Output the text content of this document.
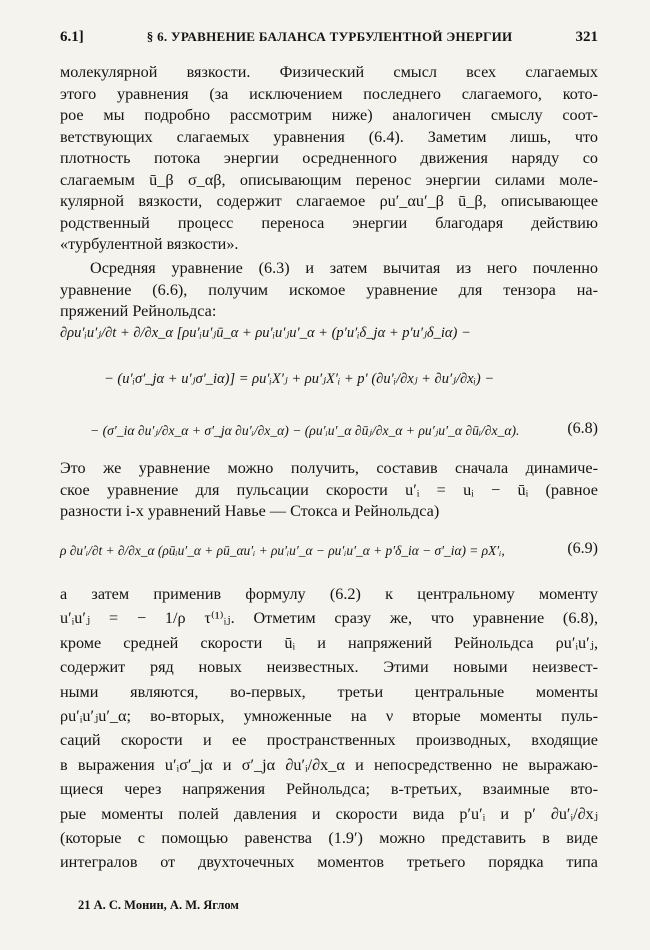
6.1]	§ 6. УРАВНЕНИЕ БАЛАНСА ТУРБУЛЕНТНОЙ ЭНЕРГИИ	321
молекулярной вязкости. Физический смысл всех слагаемых
этого уравнения (за исключением последнего слагаемого, кото-
рое мы подробно рассмотрим ниже) аналогичен смыслу соот-
ветствующих слагаемых уравнения (6.4). Заметим лишь, что
плотность потока энергии осредненного движения наряду со
слагаемым ū_β σ_αβ, описывающим перенос энергии силами моле-
кулярной вязкости, содержит слагаемое ρu′_αu′_β ū_β, описывающее
родственный процесс переноса энергии благодаря действию
«турбулентной вязкости».
Осредняя уравнение (6.3) и затем вычитая из него почленно
уравнение (6.6), получим искомое уравнение для тензора на-
пряжений Рейнольдса:
∂ρu′ᵢu′ⱼ/∂t + ∂/∂x_α [ρu′ᵢu′ⱼū_α + ρu′ᵢu′ⱼu′_α + (p′u′ᵢδ_jα + p′u′ⱼδ_iα) −
− (u′ᵢσ′_jα + u′ⱼσ′_iα)] = ρu′ᵢX′ⱼ + ρu′ⱼX′ᵢ + p′ (∂u′ᵢ/∂xⱼ + ∂u′ⱼ/∂xᵢ) −
− (σ′_iα ∂u′ⱼ/∂x_α + σ′_jα ∂u′ᵢ/∂x_α) − (ρu′ᵢu′_α ∂ūⱼ/∂x_α + ρu′ⱼu′_α ∂ūᵢ/∂x_α).	(6.8)
Это же уравнение можно получить, составив сначала динамиче-
ское уравнение для пульсации скорости u′ᵢ = uᵢ − ūᵢ (равное
разности i-х уравнений Навье — Стокса и Рейнольдса)
ρ ∂u′ᵢ/∂t + ∂/∂x_α (ρūᵢu′_α + ρū_αu′ᵢ + ρu′ᵢu′_α − ρu′ᵢu′_α + p′δ_iα − σ′_iα) = ρX′ᵢ,	(6.9)
а затем применив формулу (6.2) к центральному моменту
u′ᵢu′ⱼ = − 1/ρ τ⁽¹⁾ᵢⱼ. Отметим сразу же, что уравнение (6.8),
кроме средней скорости ūᵢ и напряжений Рейнольдса ρu′ᵢu′ⱼ,
содержит ряд новых неизвестных. Этими новыми неизвест-
ными являются, во-первых, третьи центральные моменты
ρu′ᵢu′ⱼu′_α; во-вторых, умноженные на ν вторые моменты пуль-
саций скорости и ее пространственных производных, входящие
в выражения u′ᵢσ′_jα и σ′_jα ∂u′ᵢ/∂x_α и непосредственно не выражаю-
щиеся через напряжения Рейнольдса; в-третьих, взаимные вто-
рые моменты полей давления и скорости вида p′u′ᵢ и p′ ∂u′ᵢ/∂xⱼ
(которые с помощью равенства (1.9′) можно представить в виде
интегралов от двухточечных моментов третьего порядка типа
21 А. С. Монин, А. М. Яглом
